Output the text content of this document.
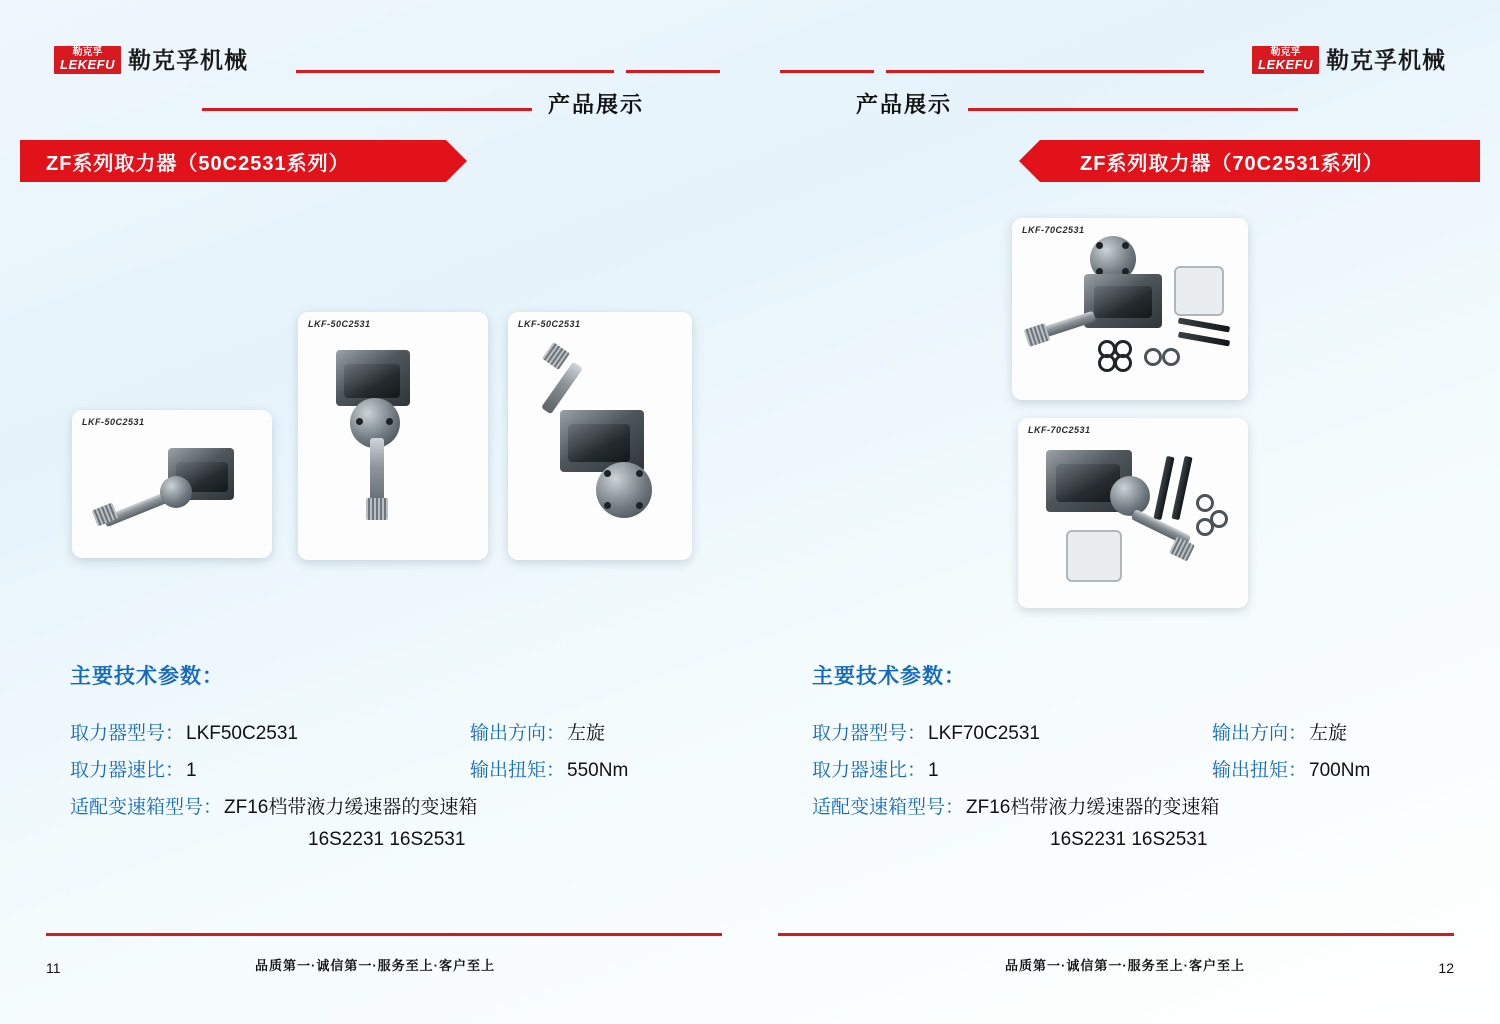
勒克孚
LEKEFU 勒克孚机械
产品展示
ZF系列取力器（50C2531系列）
LKF-50C2531
LKF-50C2531	LKF-50C2531
主要技术参数：
取力器型号： LKF50C2531	输出方向： 左旋
取力器速比： 1	输出扭矩： 550Nm
适配变速箱型号： ZF16档带液力缓速器的变速箱
16S2231 16S2531
品质第一·诚信第一·服务至上·客户至上
11
勒克孚
LEKEFU 勒克孚机械
产品展示
ZF系列取力器（70C2531系列）
LKF-70C2531
LKF-70C2531
主要技术参数：
取力器型号： LKF70C2531	输出方向： 左旋
取力器速比： 1	输出扭矩： 700Nm
适配变速箱型号： ZF16档带液力缓速器的变速箱
16S2231 16S2531
品质第一·诚信第一·服务至上·客户至上	12
